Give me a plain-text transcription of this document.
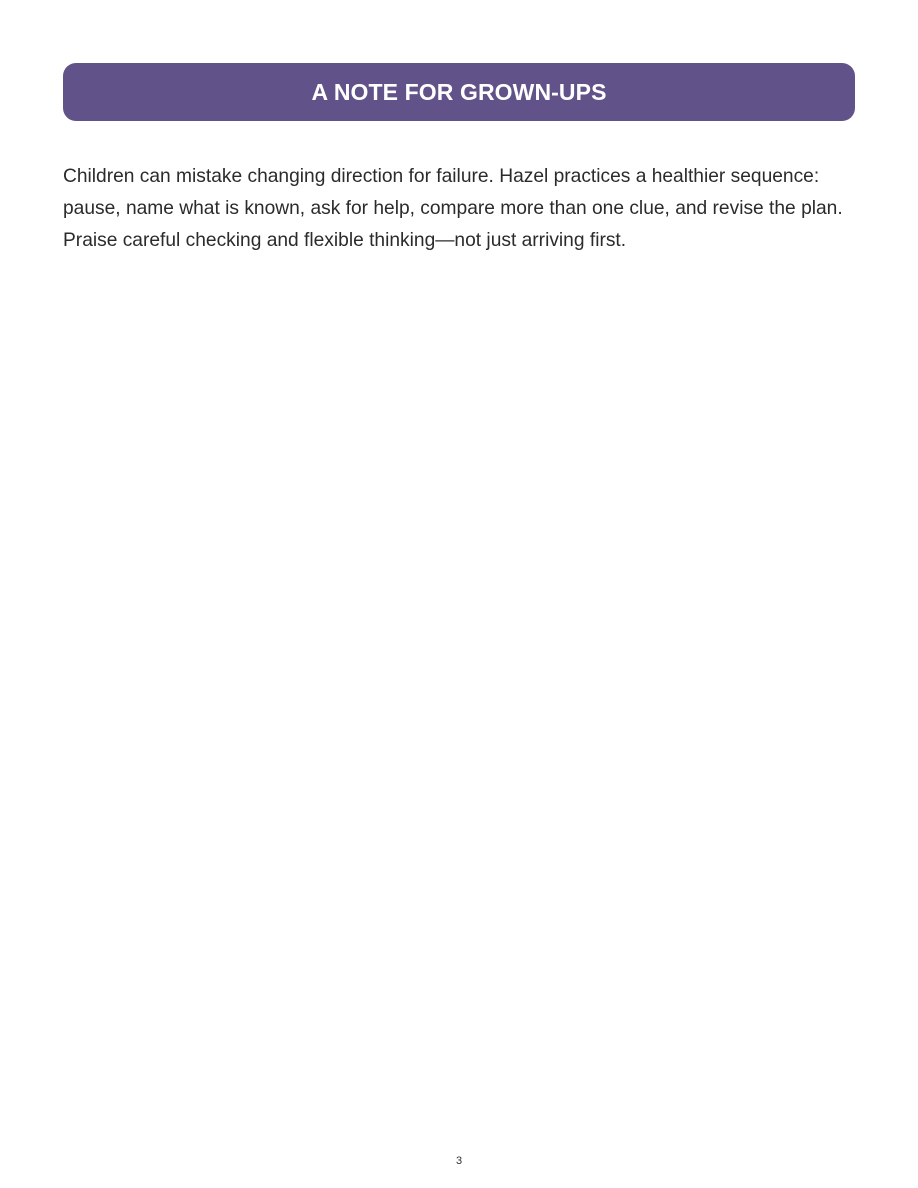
A NOTE FOR GROWN-UPS

Children can mistake changing direction for failure. Hazel practices a healthier sequence: pause, name what is known, ask for help, compare more than one clue, and revise the plan. Praise careful checking and flexible thinking—not just arriving first.

3
